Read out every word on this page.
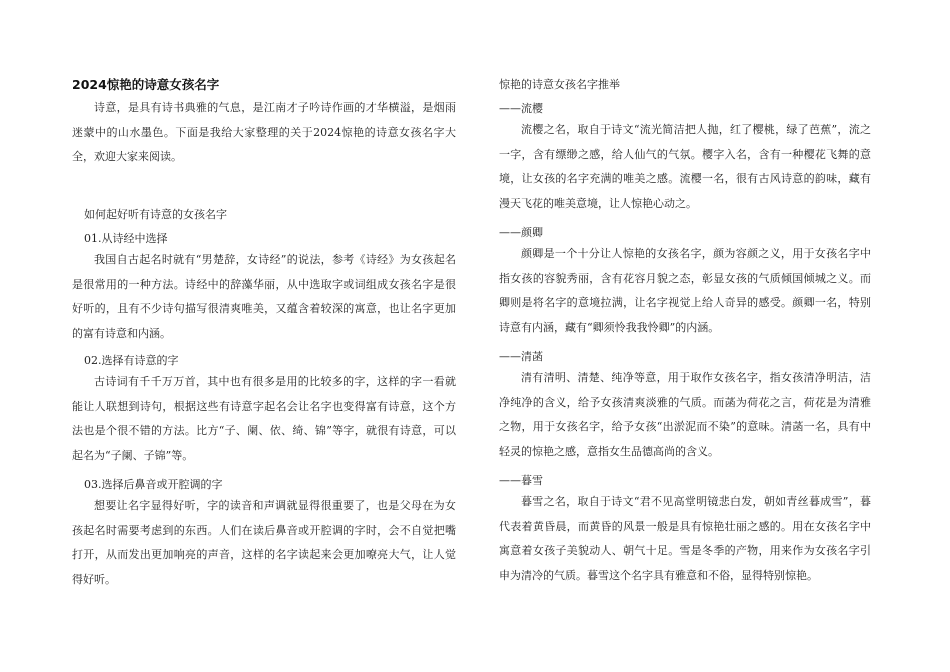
2024惊艳的诗意女孩名字

诗意，是具有诗书典雅的气息，是江南才子吟诗作画的才华横溢，是烟雨迷蒙中的山水墨色。下面是我给大家整理的关于2024惊艳的诗意女孩名字大全，欢迎大家来阅读。

如何起好听有诗意的女孩名字
01.从诗经中选择

我国自古起名时就有“男楚辞，女诗经”的说法，参考《诗经》为女孩起名是很常用的一种方法。诗经中的辞藻华丽，从中选取字或词组成女孩名字是很好听的，且有不少诗句描写很清爽唯美，又蕴含着较深的寓意，也让名字更加的富有诗意和内涵。

02.选择有诗意的字

古诗词有千千万万首，其中也有很多是用的比较多的字，这样的字一看就能让人联想到诗句，根据这些有诗意字起名会让名字也变得富有诗意，这个方法也是个很不错的方法。比方“子、阑、依、绮、锦”等字，就很有诗意，可以起名为“子阑、子锦”等。

03.选择后鼻音或开腔调的字

想要让名字显得好听，字的读音和声调就显得很重要了，也是父母在为女孩起名时需要考虑到的东西。人们在读后鼻音或开腔调的字时，会不自觉把嘴打开，从而发出更加响亮的声音，这样的名字读起来会更加嘹亮大气，让人觉得好听。

惊艳的诗意女孩名字推举
——流樱

流樱之名，取自于诗文“流光简洁把人抛，红了樱桃，绿了芭蕉”，流之一字，含有缥缈之感，给人仙气的气氛。樱字入名，含有一种樱花飞舞的意境，让女孩的名字充满的唯美之感。流樱一名，很有古风诗意的韵味，藏有漫天飞花的唯美意境，让人惊艳心动之。

——颜卿

颜卿是一个十分让人惊艳的女孩名字，颜为容颜之义，用于女孩名字中指女孩的容貌秀丽，含有花容月貌之态，彰显女孩的气质倾国倾城之义。而卿则是将名字的意境拉满，让名字视觉上给人奇异的感受。颜卿一名，特别诗意有内涵，藏有“卿须怜我我怜卿”的内涵。

——清菡

清有清明、清楚、纯净等意，用于取作女孩名字，指女孩清净明洁，洁净纯净的含义，给予女孩清爽淡雅的气质。而菡为荷花之言，荷花是为清雅之物，用于女孩名字，给予女孩“出淤泥而不染”的意味。清菡一名，具有中轻灵的惊艳之感，意指女生品德高尚的含义。

——暮雪

暮雪之名，取自于诗文“君不见高堂明镜悲白发，朝如青丝暮成雪”，暮代表着黄昏晨，而黄昏的风景一般是具有惊艳壮丽之感的。用在女孩名字中寓意着女孩子美貌动人、朝气十足。雪是冬季的产物，用来作为女孩名字引申为清冷的气质。暮雪这个名字具有雅意和不俗，显得特别惊艳。
